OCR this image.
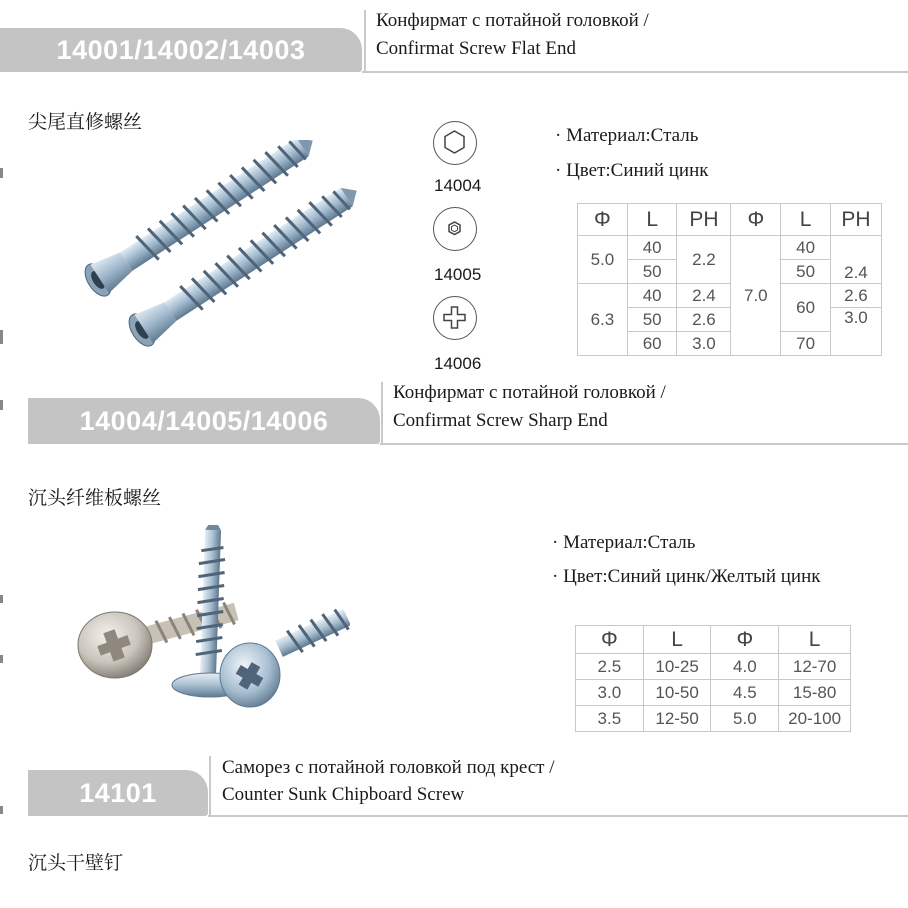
14001/14002/14003
Конфирмат с потайной головкой /
Confirmat Screw Flat End
尖尾直修螺丝
14004
14005
14006
· Материал:Сталь
· Цвет:Синий цинк
Φ	L	PH	Φ	L	PH
5.0	40	2.2	7.0	40	2.4
	50			50	
6.3	40	2.4		60	2.6
	50	2.6			3.0
	60	3.0		70	
14004/14005/14006
Конфирмат с потайной головкой /
Confirmat Screw Sharp End
沉头纤维板螺丝
· Материал:Сталь
· Цвет:Синий цинк/Желтый цинк
Φ	L	Φ	L
2.5	10-25	4.0	12-70
3.0	10-50	4.5	15-80
3.5	12-50	5.0	20-100
14101
Саморез с потайной головкой под крест /
Counter Sunk Chipboard Screw
沉头干壁钉
